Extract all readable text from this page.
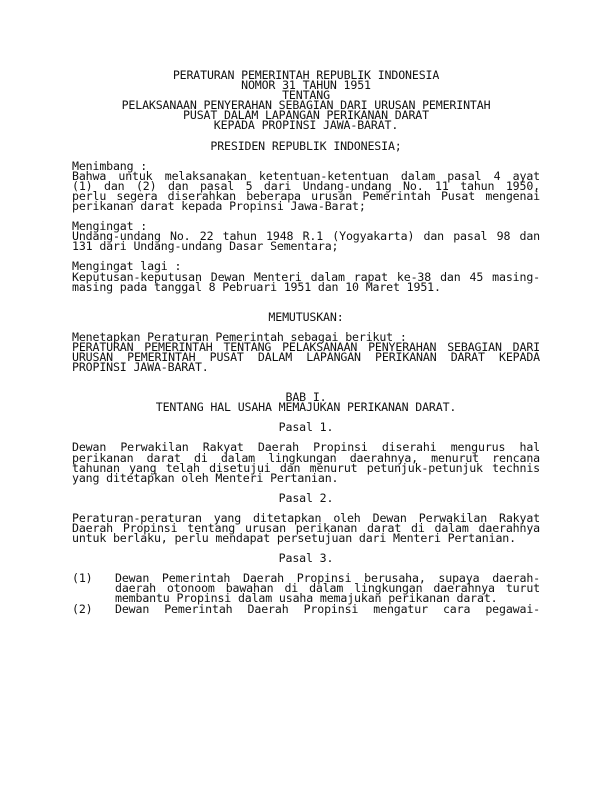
PERATURAN PEMERINTAH REPUBLIK INDONESIA
NOMOR 31 TAHUN 1951
TENTANG
PELAKSANAAN PENYERAHAN SEBAGIAN DARI URUSAN PEMERINTAH
PUSAT DALAM LAPANGAN PERIKANAN DARAT
KEPADA PROPINSI JAWA-BARAT.
PRESIDEN REPUBLIK INDONESIA;
Menimbang :
Bahwa untuk melaksanakan ketentuan-ketentuan dalam pasal 4 ayat
(1) dan (2) dan pasal 5 dari Undang-undang No. 11 tahun 1950,
perlu segera diserahkan beberapa urusan Pemerintah Pusat mengenai
perikanan darat kepada Propinsi Jawa-Barat;
Mengingat :
Undang-undang No. 22 tahun 1948 R.1 (Yogyakarta) dan pasal 98 dan
131 dari Undang-undang Dasar Sementara;
Mengingat lagi :
Keputusan-keputusan Dewan Menteri dalam rapat ke-38 dan 45 masing-
masing pada tanggal 8 Pebruari 1951 dan 10 Maret 1951.
MEMUTUSKAN:
Menetapkan Peraturan Pemerintah sebagai berikut :
PERATURAN PEMERINTAH TENTANG PELAKSANAAN PENYERAHAN SEBAGIAN DARI
URUSAN PEMERINTAH PUSAT DALAM LAPANGAN PERIKANAN DARAT KEPADA
PROPINSI JAWA-BARAT.
BAB I.
TENTANG HAL USAHA MEMAJUKAN PERIKANAN DARAT.
Pasal 1.
Dewan Perwakilan Rakyat Daerah Propinsi diserahi mengurus hal
perikanan darat di dalam lingkungan daerahnya, menurut rencana
tahunan yang telah disetujui dan menurut petunjuk-petunjuk technis
yang ditetapkan oleh Menteri Pertanian.
Pasal 2.
Peraturan-peraturan yang ditetapkan oleh Dewan Perwakilan Rakyat
Daerah Propinsi tentang urusan perikanan darat di dalam daerahnya
untuk berlaku, perlu mendapat persetujuan dari Menteri Pertanian.
Pasal 3.
(1)	Dewan Pemerintah Daerah Propinsi berusaha, supaya daerah-
daerah otonoom bawahan di dalam lingkungan daerahnya turut
membantu Propinsi dalam usaha memajukan perikanan darat.
(2)	Dewan Pemerintah Daerah Propinsi mengatur cara pegawai-
